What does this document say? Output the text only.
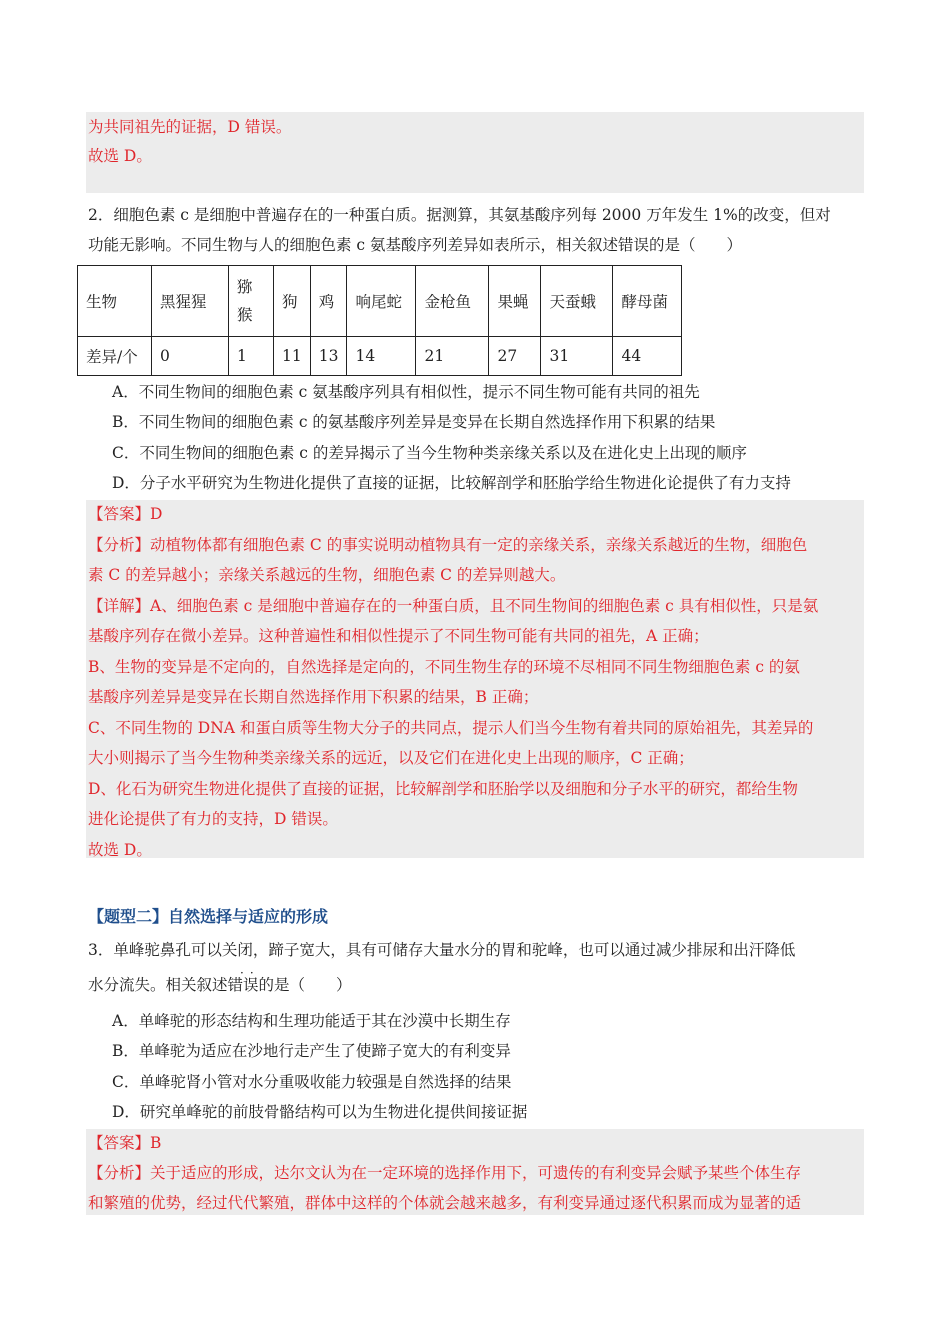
为共同祖先的证据，D 错误。
故选 D。
2．细胞色素 c 是细胞中普遍存在的一种蛋白质。据测算，其氨基酸序列每 2000 万年发生 1%的改变，但对
功能无影响。不同生物与人的细胞色素 c 氨基酸序列差异如表所示，相关叙述错误的是（　　）
生物	黑猩猩	猕猴	狗	鸡	响尾蛇	金枪鱼	果蝇	天蚕蛾	酵母菌
差异/个	0	1	11	13	14	21	27	31	44
A．不同生物间的细胞色素 c 氨基酸序列具有相似性，提示不同生物可能有共同的祖先
B．不同生物间的细胞色素 c 的氨基酸序列差异是变异在长期自然选择作用下积累的结果
C．不同生物间的细胞色素 c 的差异揭示了当今生物种类亲缘关系以及在进化史上出现的顺序
D．分子水平研究为生物进化提供了直接的证据，比较解剖学和胚胎学给生物进化论提供了有力支持
【答案】D
【分析】动植物体都有细胞色素 C 的事实说明动植物具有一定的亲缘关系，亲缘关系越近的生物，细胞色
素 C 的差异越小；亲缘关系越远的生物，细胞色素 C 的差异则越大。
【详解】A、细胞色素 c 是细胞中普遍存在的一种蛋白质，且不同生物间的细胞色素 c 具有相似性，只是氨
基酸序列存在微小差异。这种普遍性和相似性提示了不同生物可能有共同的祖先，A 正确；
B、生物的变异是不定向的，自然选择是定向的，不同生物生存的环境不尽相同不同生物细胞色素 c 的氨
基酸序列差异是变异在长期自然选择作用下积累的结果，B 正确；
C、不同生物的 DNA 和蛋白质等生物大分子的共同点，提示人们当今生物有着共同的原始祖先，其差异的
大小则揭示了当今生物种类亲缘关系的远近，以及它们在进化史上出现的顺序，C 正确；
D、化石为研究生物进化提供了直接的证据，比较解剖学和胚胎学以及细胞和分子水平的研究，都给生物
进化论提供了有力的支持，D 错误。
故选 D。
【题型二】自然选择与适应的形成
3．单峰驼鼻孔可以关闭，蹄子宽大，具有可储存大量水分的胃和驼峰，也可以通过减少排尿和出汗降低
··
水分流失。相关叙述错误的是（　　）
A．单峰驼的形态结构和生理功能适于其在沙漠中长期生存
B．单峰驼为适应在沙地行走产生了使蹄子宽大的有利变异
C．单峰驼肾小管对水分重吸收能力较强是自然选择的结果
D．研究单峰驼的前肢骨骼结构可以为生物进化提供间接证据
【答案】B
【分析】关于适应的形成，达尔文认为在一定环境的选择作用下，可遗传的有利变异会赋予某些个体生存
和繁殖的优势，经过代代繁殖，群体中这样的个体就会越来越多，有利变异通过逐代积累而成为显著的适
